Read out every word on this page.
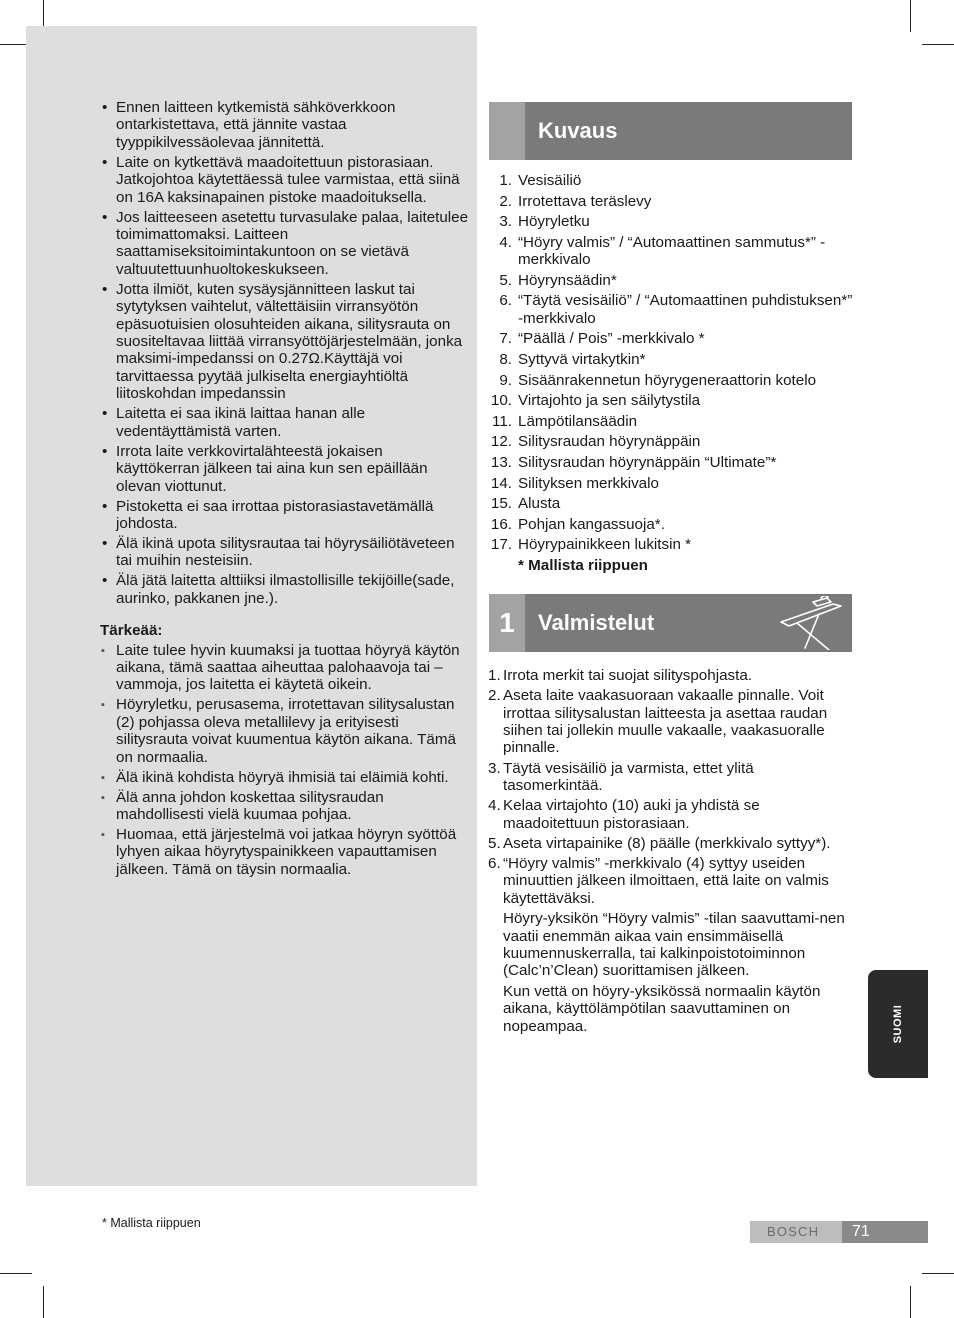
• Ennen laitteen kytkemistä sähköverkkoon ontarkistettava, että jännite vastaa tyyppikilvessäolevaa jännitettä.
• Laite on kytkettävä maadoitettuun pistorasiaan. Jatkojohtoa käytettäessä tulee varmistaa, että siinä on 16A kaksinapainen pistoke maadoituksella.
• Jos laitteeseen asetettu turvasulake palaa, laitetulee toimimattomaksi. Laitteen saattamiseksitoimintakuntoon on se vietävä valtuutettuunhuoltokeskukseen.
• Jotta ilmiöt, kuten sysäysjännitteen laskut tai sytytyksen vaihtelut, vältettäisiin virransyötön epäsuotuisien olosuhteiden aikana, silitysrauta on suositeltavaa liittää virransyöttöjärjestelmään, jonka maksimi-impedanssi on 0.27Ω.Käyttäjä voi tarvittaessa pyytää julkiselta energiayhtiöltä liitoskohdan impedanssin
• Laitetta ei saa ikinä laittaa hanan alle vedentäyttämistä varten.
• Irrota laite verkkovirtalähteestä jokaisen käyttökerran jälkeen tai aina kun sen epäillään olevan viottunut.
• Pistoketta ei saa irrottaa pistorasiastavetämällä johdosta.
• Älä ikinä upota silitysrautaa tai höyrysäiliötäveteen tai muihin nesteisiin.
• Älä jätä laitetta alttiiksi ilmastollisille tekijöille(sade, aurinko, pakkanen jne.).
Tärkeää:
▪ Laite tulee hyvin kuumaksi ja tuottaa höyryä käytön aikana, tämä saattaa aiheuttaa palohaavoja tai –vammoja, jos laitetta ei käytetä oikein.
▪ Höyryletku, perusasema, irrotettavan silitysalustan (2) pohjassa oleva metallilevy ja erityisesti silitysrauta voivat kuumentua käytön aikana. Tämä on normaalia.
▪ Älä ikinä kohdista höyryä ihmisiä tai eläimiä kohti.
▪ Älä anna johdon koskettaa silitysraudan mahdollisesti vielä kuumaa pohjaa.
▪ Huomaa, että järjestelmä voi jatkaa höyryn syöttöä lyhyen aikaa höyrytyspainikkeen vapauttamisen jälkeen. Tämä on täysin normaalia.
Kuvaus
1. Vesisäiliö
2. Irrotettava teräslevy
3. Höyryletku
4. “Höyry valmis” / “Automaattinen sammutus*” -merkkivalo
5. Höyrynsäädin*
6. “Täytä vesisäiliö” / “Automaattinen puhdistuksen*” -merkkivalo
7. “Päällä / Pois” -merkkivalo *
8. Syttyvä virtakytkin*
9. Sisäänrakennetun höyrygeneraattorin kotelo
10. Virtajohto ja sen säilytystila
11. Lämpötilansäädin
12. Silitysraudan höyrynäppäin
13. Silitysraudan höyrynäppäin “Ultimate”*
14. Silityksen merkkivalo
15. Alusta
16. Pohjan kangassuoja*.
17. Höyrypainikkeen lukitsin *
* Mallista riippuen
1	Valmistelut
1. Irrota merkit tai suojat silityspohjasta.
2. Aseta laite vaakasuoraan vakaalle pinnalle. Voit irrottaa silitysalustan laitteesta ja asettaa raudan siihen tai jollekin muulle vakaalle, vaakasuoralle pinnalle.
3. Täytä vesisäiliö ja varmista, ettet ylitä tasomerkintää.
4. Kelaa virtajohto (10) auki ja yhdistä se maadoitettuun pistorasiaan.
5. Aseta virtapainike (8) päälle (merkkivalo syttyy*).
6. “Höyry valmis” -merkkivalo (4) syttyy useiden minuuttien jälkeen ilmoittaen, että laite on valmis käytettäväksi.

Höyry-yksikön “Höyry valmis” -tilan saavuttami-nen vaatii enemmän aikaa vain ensimmäisellä kuumennuskerralla, tai kalkinpoistotoiminnon (Calc’n’Clean) suorittamisen jälkeen.

Kun vettä on höyry-yksikössä normaalin käytön aikana, käyttölämpötilan saavuttaminen on nopeampaa.	SUOMI
* Mallista riippuen
BOSCH 71
